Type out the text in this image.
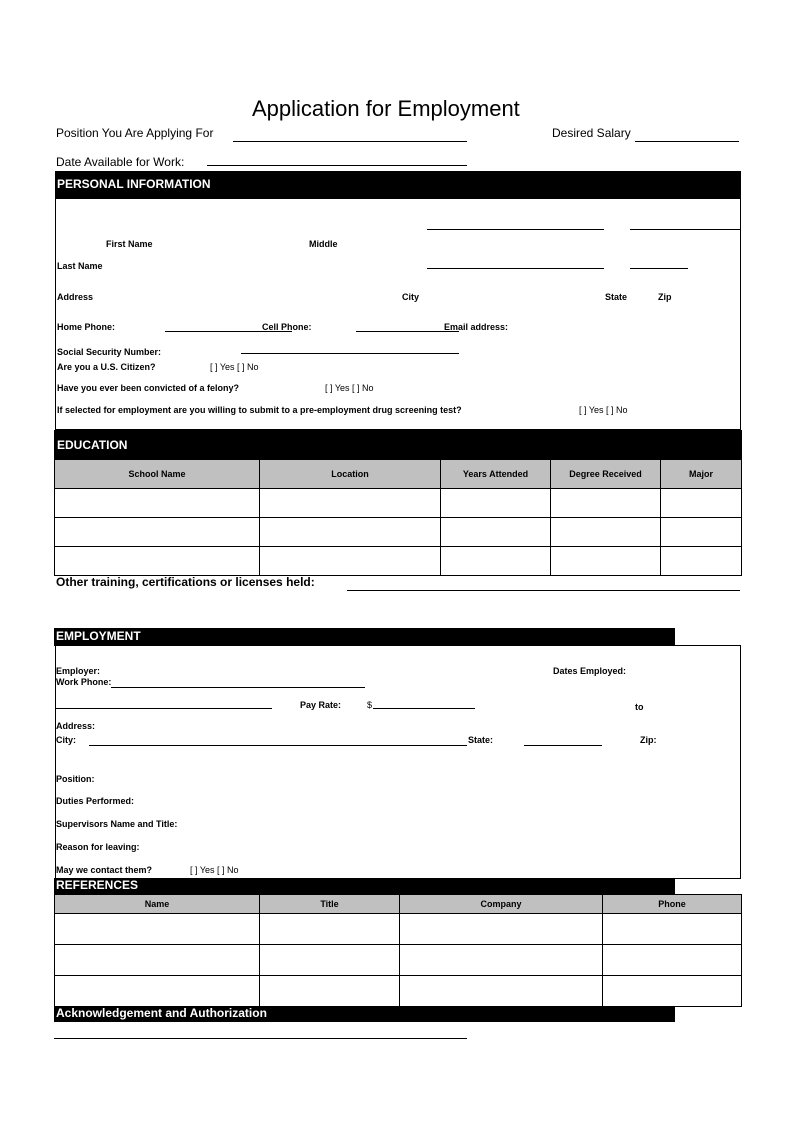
Application for Employment
Position You Are Applying For	Desired Salary
Date Available for Work:
PERSONAL INFORMATION
First Name	Middle
Last Name
Address	City	State	Zip
Home Phone:	Cell Phone:	Email address:
Social Security Number:
Are you a U.S. Citizen?	[ ] Yes [ ] No
Have you ever been convicted of a felony?	[ ] Yes [ ] No
If selected for employment are you willing to submit to a pre-employment drug screening test?	[ ] Yes [ ] No
EDUCATION				
School Name	Location	Years Attended	Degree Received	Major

Other training, certifications or licenses held:
EMPLOYMENT
Employer:	Dates Employed:
Work Phone:
Pay Rate:	$	to
Address:
City:	State:	Zip:
Position:
Duties Performed:
Supervisors Name and Title:
Reason for leaving:
May we contact them?	[ ] Yes [ ] No
REFERENCES
Name	Title	Company	Phone

Acknowledgement and Authorization
